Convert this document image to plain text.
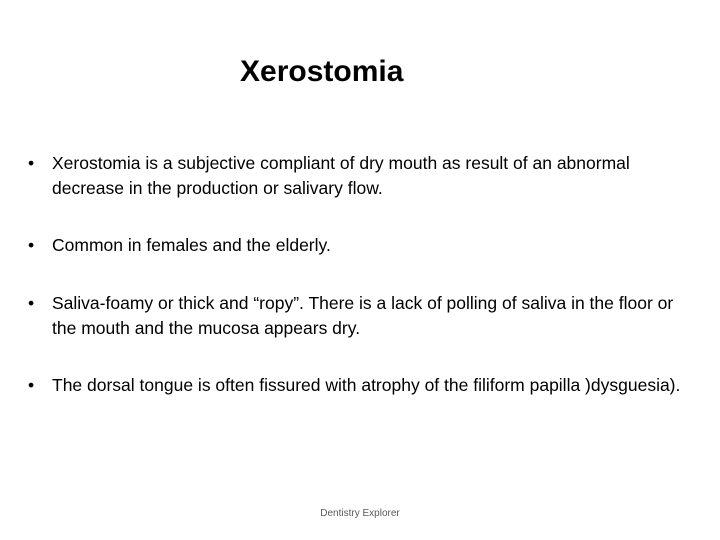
Xerostomia
•	Xerostomia is a subjective compliant of dry mouth as result of an abnormal decrease in the production or salivary flow.
•	Common in females and the elderly.
•	Saliva-foamy or thick and “ropy”. There is a lack of polling of saliva in the floor or the mouth and the mucosa appears dry.
•	The dorsal tongue is often fissured with atrophy of the filiform papilla )dysguesia).
Dentistry Explorer
